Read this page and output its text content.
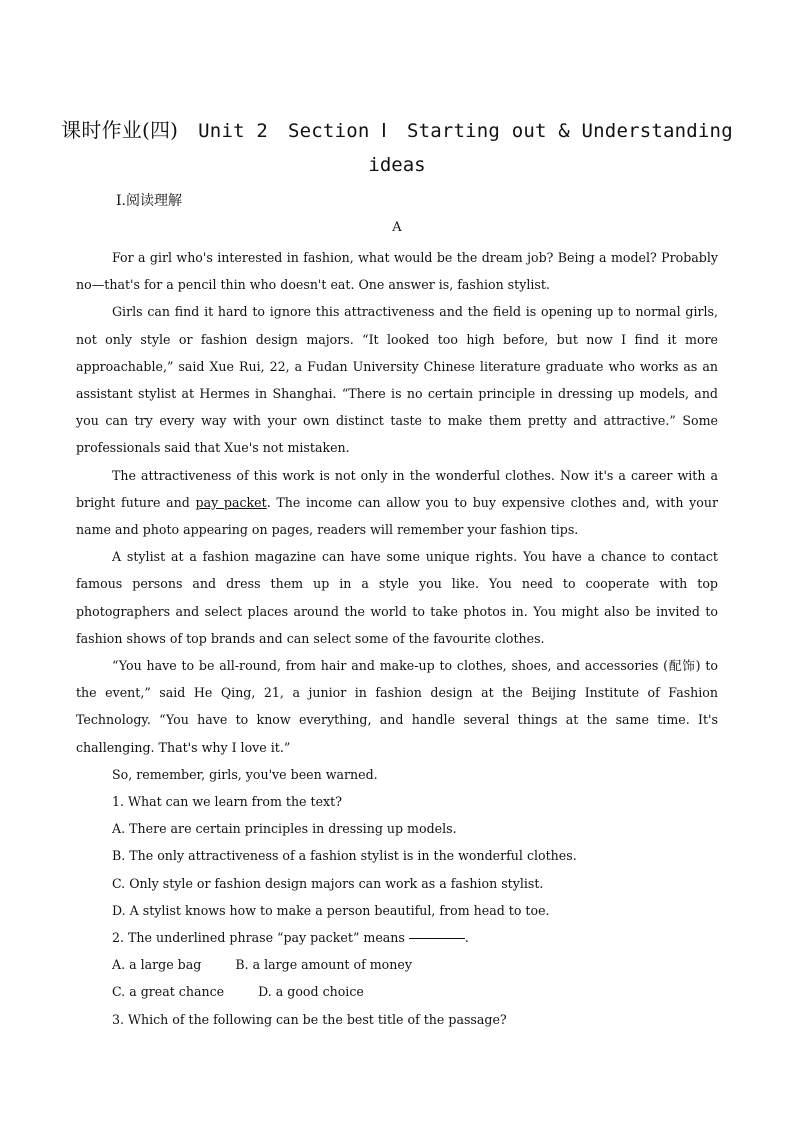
课时作业(四) Unit 2 Section Ⅰ Starting out & Understanding
ideas
Ⅰ.阅读理解
A

For a girl who's interested in fashion, what would be the dream job? Being a model? Probably no—that's for a pencil thin who doesn't eat. One answer is, fashion stylist.

Girls can find it hard to ignore this attractiveness and the field is opening up to normal girls, not only style or fashion design majors. “It looked too high before, but now I find it more approachable,” said Xue Rui, 22, a Fudan University Chinese literature graduate who works as an assistant stylist at Hermes in Shanghai. “There is no certain principle in dressing up models, and you can try every way with your own distinct taste to make them pretty and attractive.” Some professionals said that Xue's not mistaken.

The attractiveness of this work is not only in the wonderful clothes. Now it's a career with a bright future and pay packet. The income can allow you to buy expensive clothes and, with your name and photo appearing on pages, readers will remember your fashion tips.

A stylist at a fashion magazine can have some unique rights. You have a chance to contact famous persons and dress them up in a style you like. You need to cooperate with top photographers and select places around the world to take photos in. You might also be invited to fashion shows of top brands and can select some of the favourite clothes.

“You have to be all-round, from hair and make-up to clothes, shoes, and accessories (配饰) to the event,” said He Qing, 21, a junior in fashion design at the Beijing Institute of Fashion Technology. “You have to know everything, and handle several things at the same time. It's challenging. That's why I love it.”

So, remember, girls, you've been warned.

1. What can we learn from the text?
A. There are certain principles in dressing up models.
B. The only attractiveness of a fashion stylist is in the wonderful clothes.
C. Only style or fashion design majors can work as a fashion stylist.
D. A stylist knows how to make a person beautiful, from head to toe.
2. The underlined phrase “pay packet” means	.
A. a large bag	B. a large amount of money
C. a great chance	D. a good choice
3. Which of the following can be the best title of the passage?
